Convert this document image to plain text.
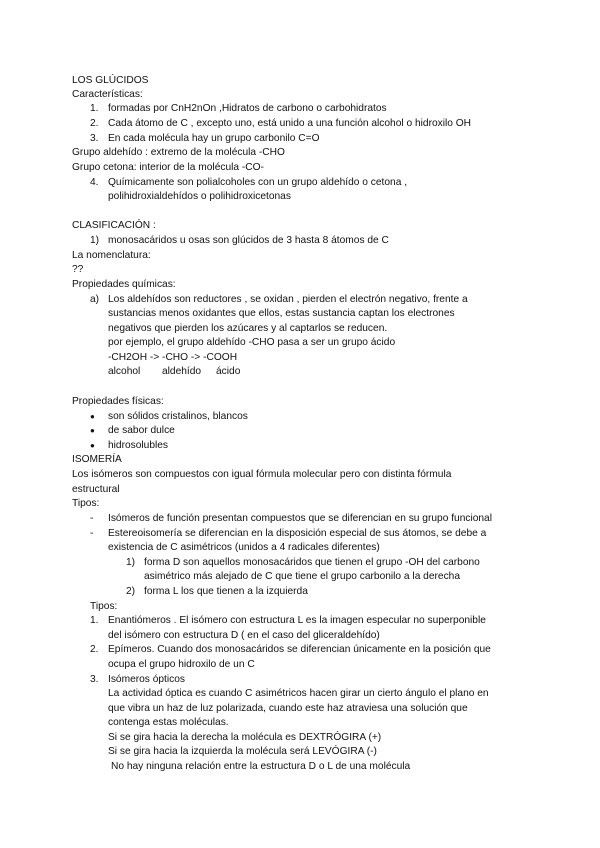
LOS GLÚCIDOS
Características:
1. formadas por CnH2nOn ,Hidratos de carbono o carbohidratos
2. Cada átomo de C , excepto uno, está unido a una función alcohol o hidroxilo OH
3. En cada molécula hay un grupo carbonilo C=O
Grupo aldehído : extremo de la molécula -CHO
Grupo cetona: interior de la molécula -CO-
4. Químicamente son polialcoholes con un grupo aldehído o cetona ,
polihidroxialdehídos o polihidroxicetonas
CLASIFICACIÓN :
1) monosacáridos u osas son glúcidos de 3 hasta 8 átomos de C
La nomenclatura:
??
Propiedades químicas:
a) Los aldehídos son reductores , se oxidan , pierden el electrón negativo, frente a
sustancias menos oxidantes que ellos, estas sustancia captan los electrones
negativos que pierden los azúcares y al captarlos se reducen.
por ejemplo, el grupo aldehído -CHO pasa a ser un grupo ácido
-CH2OH -> -CHO -> -COOH
alcohol aldehído ácido
Propiedades físicas:
● son sólidos cristalinos, blancos
● de sabor dulce
● hidrosolubles
ISOMERÍA
Los isómeros son compuestos con igual fórmula molecular pero con distinta fórmula
estructural
Tipos:
- Isómeros de función presentan compuestos que se diferencian en su grupo funcional
- Estereoisomería se diferencian en la disposición especial de sus átomos, se debe a
existencia de C asimétricos (unidos a 4 radicales diferentes)
1) forma D son aquellos monosacáridos que tienen el grupo -OH del carbono
asimétrico más alejado de C que tiene el grupo carbonilo a la derecha
2) forma L los que tienen a la izquierda
Tipos:
1. Enantiómeros . El isómero con estructura L es la imagen especular no superponible
del isómero con estructura D ( en el caso del gliceraldehído)
2. Epímeros. Cuando dos monosacáridos se diferencian únicamente en la posición que
ocupa el grupo hidroxilo de un C
3. Isómeros ópticos
La actividad óptica es cuando C asimétricos hacen girar un cierto ángulo el plano en
que vibra un haz de luz polarizada, cuando este haz atraviesa una solución que
contenga estas moléculas.
Si se gira hacia la derecha la molécula es DEXTRÓGIRA (+)
Si se gira hacia la izquierda la molécula será LEVÓGIRA (-)
No hay ninguna relación entre la estructura D o L de una molécula
